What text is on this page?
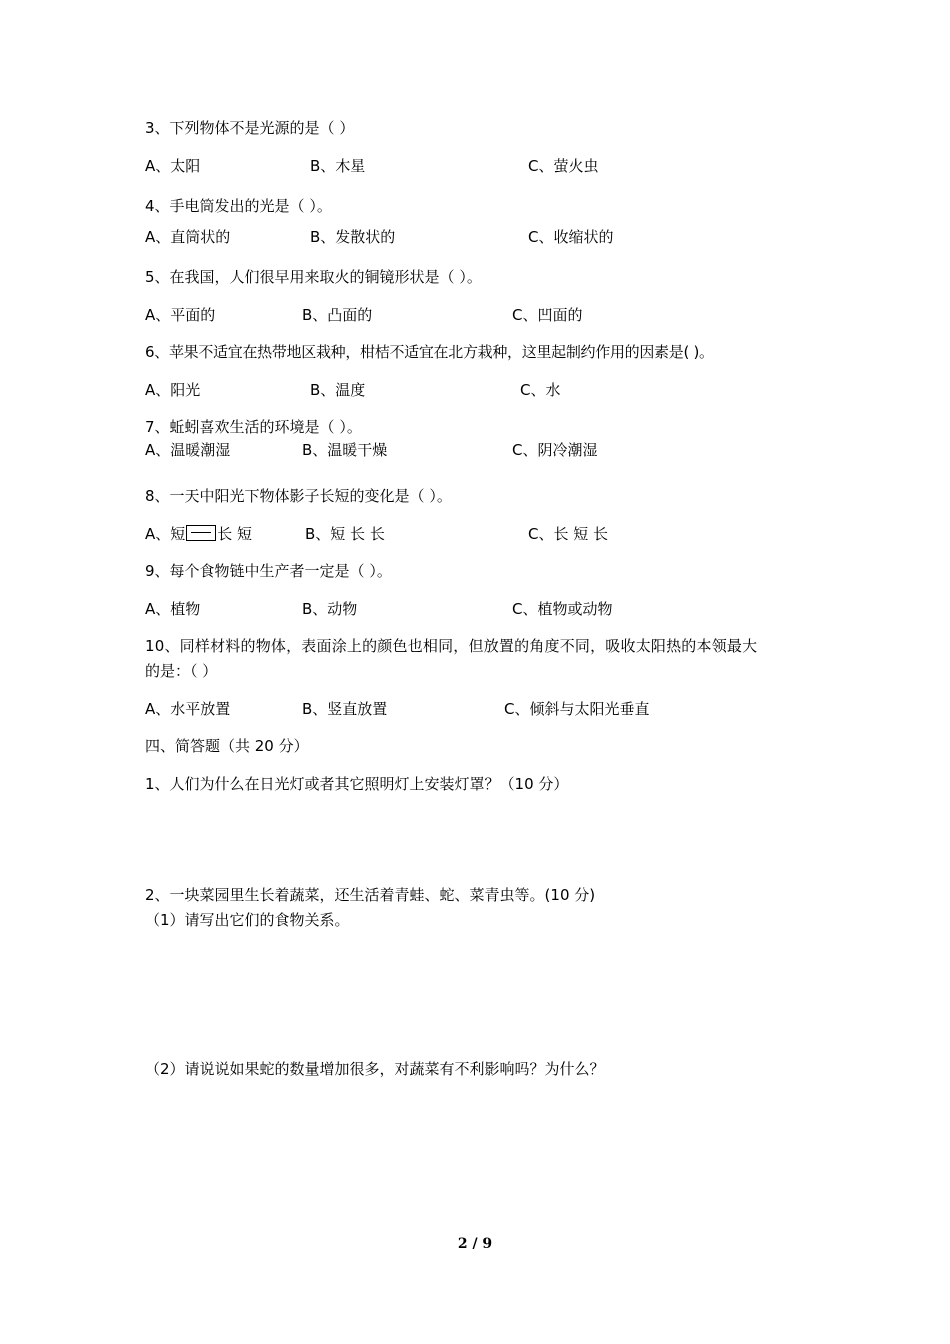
3、下列物体不是光源的是（ ）
A、太阳	B、木星	C、萤火虫
4、手电筒发出的光是（ ）。
A、直筒状的	B、发散状的	C、收缩状的
5、在我国，人们很早用来取火的铜镜形状是（ ）。
A、平面的	B、凸面的	C、凹面的
6、苹果不适宜在热带地区栽种，柑桔不适宜在北方栽种，这里起制约作用的因素是( )。
A、阳光	B、温度	C、水
7、蚯蚓喜欢生活的环境是（ ）。
A、温暖潮湿	B、温暖干燥	C、阴冷潮湿
8、一天中阳光下物体影子长短的变化是（ ）。
A、短 长 短	B、短 长 长	C、长 短 长
9、每个食物链中生产者一定是（ ）。
A、植物	B、动物	C、植物或动物
10、同样材料的物体，表面涂上的颜色也相同，但放置的角度不同，吸收太阳热的本领最大
的是：（ ）
A、水平放置	B、竖直放置	C、倾斜与太阳光垂直
四、简答题（共 20 分）
1、人们为什么在日光灯或者其它照明灯上安装灯罩？（10 分）
2、一块菜园里生长着蔬菜，还生活着青蛙、蛇、菜青虫等。(10 分)
（1）请写出它们的食物关系。
（2）请说说如果蛇的数量增加很多，对蔬菜有不利影响吗？为什么？
2 / 9
